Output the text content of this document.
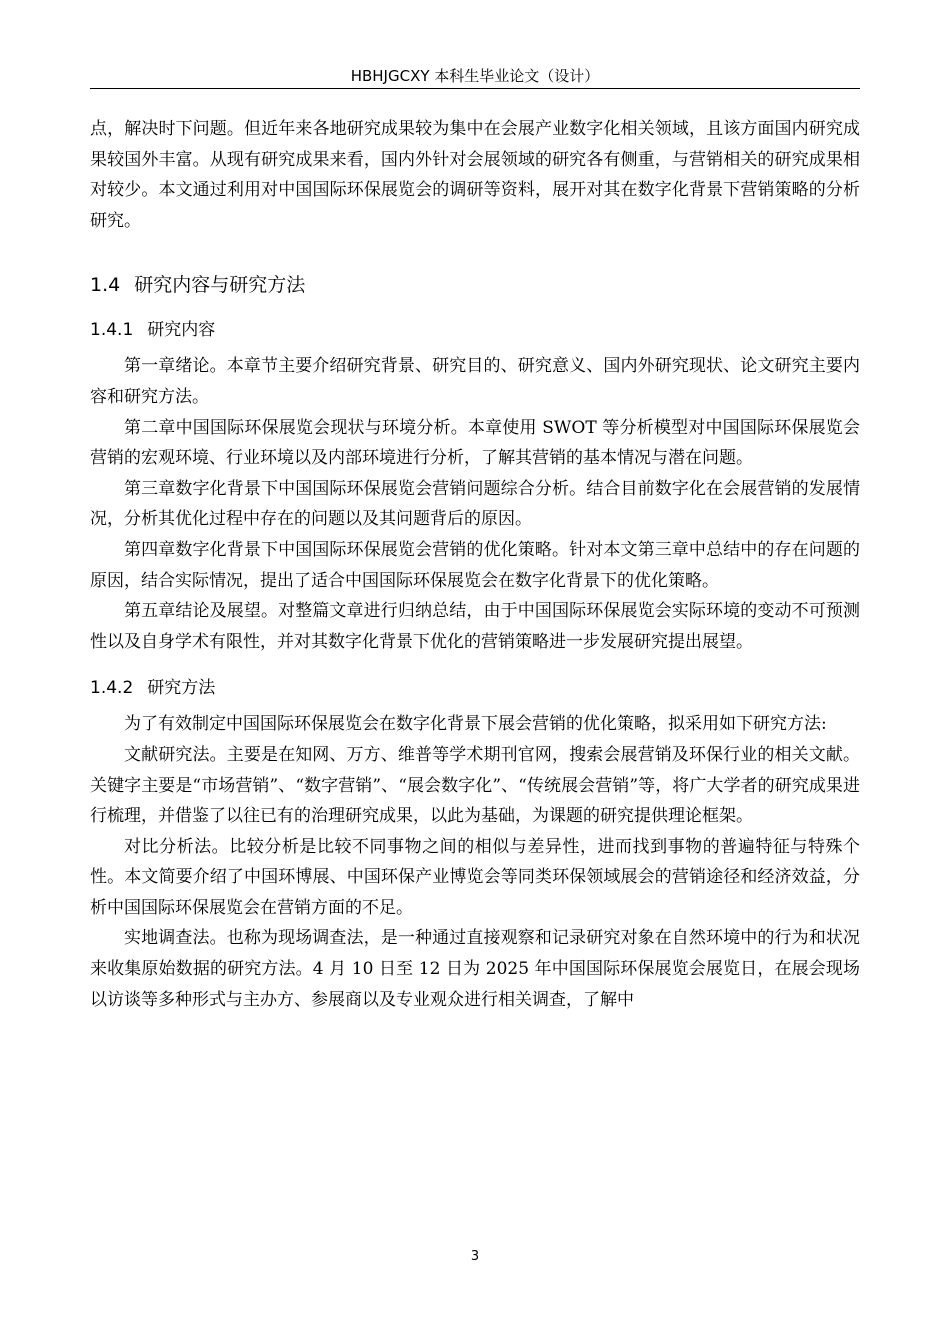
HBHJGCXY 本科生毕业论文（设计）

点，解决时下问题。但近年来各地研究成果较为集中在会展产业数字化相关领域，且该方面国内研究成果较国外丰富。从现有研究成果来看，国内外针对会展领域的研究各有侧重，与营销相关的研究成果相对较少。本文通过利用对中国国际环保展览会的调研等资料，展开对其在数字化背景下营销策略的分析研究。

1.4 研究内容与研究方法
1.4.1 研究内容

第一章绪论。本章节主要介绍研究背景、研究目的、研究意义、国内外研究现状、论文研究主要内容和研究方法。

第二章中国国际环保展览会现状与环境分析。本章使用 SWOT 等分析模型对中国国际环保展览会营销的宏观环境、行业环境以及内部环境进行分析，了解其营销的基本情况与潜在问题。

第三章数字化背景下中国国际环保展览会营销问题综合分析。结合目前数字化在会展营销的发展情况，分析其优化过程中存在的问题以及其问题背后的原因。

第四章数字化背景下中国国际环保展览会营销的优化策略。针对本文第三章中总结中的存在问题的原因，结合实际情况，提出了适合中国国际环保展览会在数字化背景下的优化策略。

第五章结论及展望。对整篇文章进行归纳总结，由于中国国际环保展览会实际环境的变动不可预测性以及自身学术有限性，并对其数字化背景下优化的营销策略进一步发展研究提出展望。

1.4.2 研究方法

为了有效制定中国国际环保展览会在数字化背景下展会营销的优化策略，拟采用如下研究方法:

文献研究法。主要是在知网、万方、维普等学术期刊官网，搜索会展营销及环保行业的相关文献。关键字主要是“市场营销”、“数字营销”、“展会数字化”、“传统展会营销”等，将广大学者的研究成果进行梳理，并借鉴了以往已有的治理研究成果，以此为基础，为课题的研究提供理论框架。

对比分析法。比较分析是比较不同事物之间的相似与差异性，进而找到事物的普遍特征与特殊个性。本文简要介绍了中国环博展、中国环保产业博览会等同类环保领域展会的营销途径和经济效益，分析中国国际环保展览会在营销方面的不足。

实地调查法。也称为现场调查法，是一种通过直接观察和记录研究对象在自然环境中的行为和状况来收集原始数据的研究方法。4 月 10 日至 12 日为 2025 年中国国际环保展览会展览日，在展会现场以访谈等多种形式与主办方、参展商以及专业观众进行相关调查，了解中

3
